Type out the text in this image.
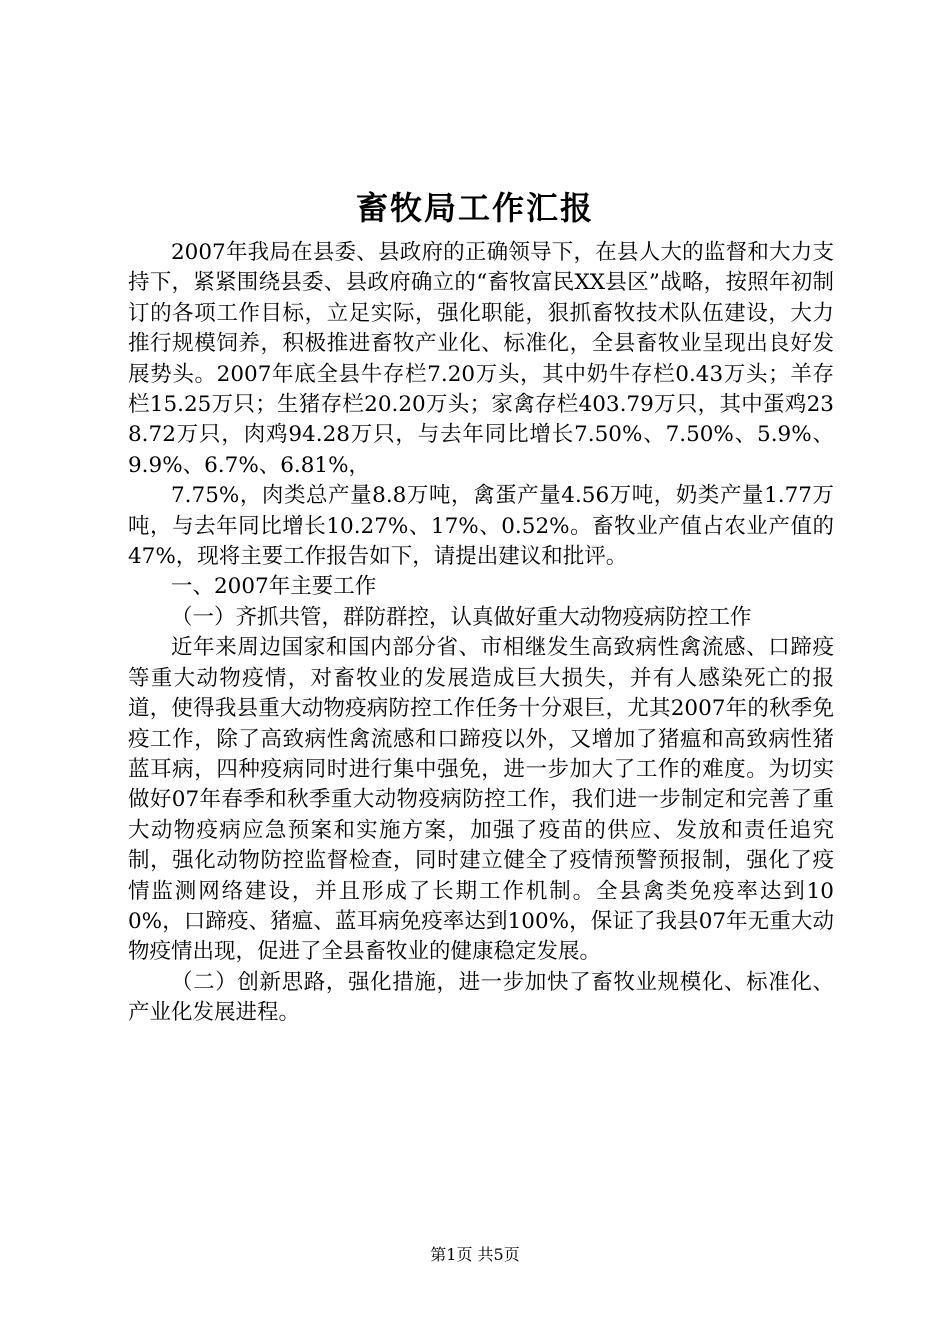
畜牧局工作汇报

2007年我局在县委、县政府的正确领导下，在县人大的监督和大力支持下，紧紧围绕县委、县政府确立的“畜牧富民XX县区”战略，按照年初制订的各项工作目标，立足实际，强化职能，狠抓畜牧技术队伍建设，大力推行规模饲养，积极推进畜牧产业化、标准化，全县畜牧业呈现出良好发展势头。2007年底全县牛存栏7.20万头，其中奶牛存栏0.43万头；羊存栏15.25万只；生猪存栏20.20万头；家禽存栏403.79万只，其中蛋鸡238.72万只，肉鸡94.28万只，与去年同比增长7.50%、7.50%、5.9%、9.9%、6.7%、6.81%，

7.75%，肉类总产量8.8万吨，禽蛋产量4.56万吨，奶类产量1.77万吨，与去年同比增长10.27%、17%、0.52%。畜牧业产值占农业产值的47%，现将主要工作报告如下，请提出建议和批评。

一、2007年主要工作

（一）齐抓共管，群防群控，认真做好重大动物疫病防控工作

近年来周边国家和国内部分省、市相继发生高致病性禽流感、口蹄疫等重大动物疫情，对畜牧业的发展造成巨大损失，并有人感染死亡的报道，使得我县重大动物疫病防控工作任务十分艰巨，尤其2007年的秋季免疫工作，除了高致病性禽流感和口蹄疫以外，又增加了猪瘟和高致病性猪蓝耳病，四种疫病同时进行集中强免，进一步加大了工作的难度。为切实做好07年春季和秋季重大动物疫病防控工作，我们进一步制定和完善了重大动物疫病应急预案和实施方案，加强了疫苗的供应、发放和责任追究制，强化动物防控监督检查，同时建立健全了疫情预警预报制，强化了疫情监测网络建设，并且形成了长期工作机制。全县禽类免疫率达到100%，口蹄疫、猪瘟、蓝耳病免疫率达到100%，保证了我县07年无重大动物疫情出现，促进了全县畜牧业的健康稳定发展。

（二）创新思路，强化措施，进一步加快了畜牧业规模化、标准化、产业化发展进程。

第1页 共5页
